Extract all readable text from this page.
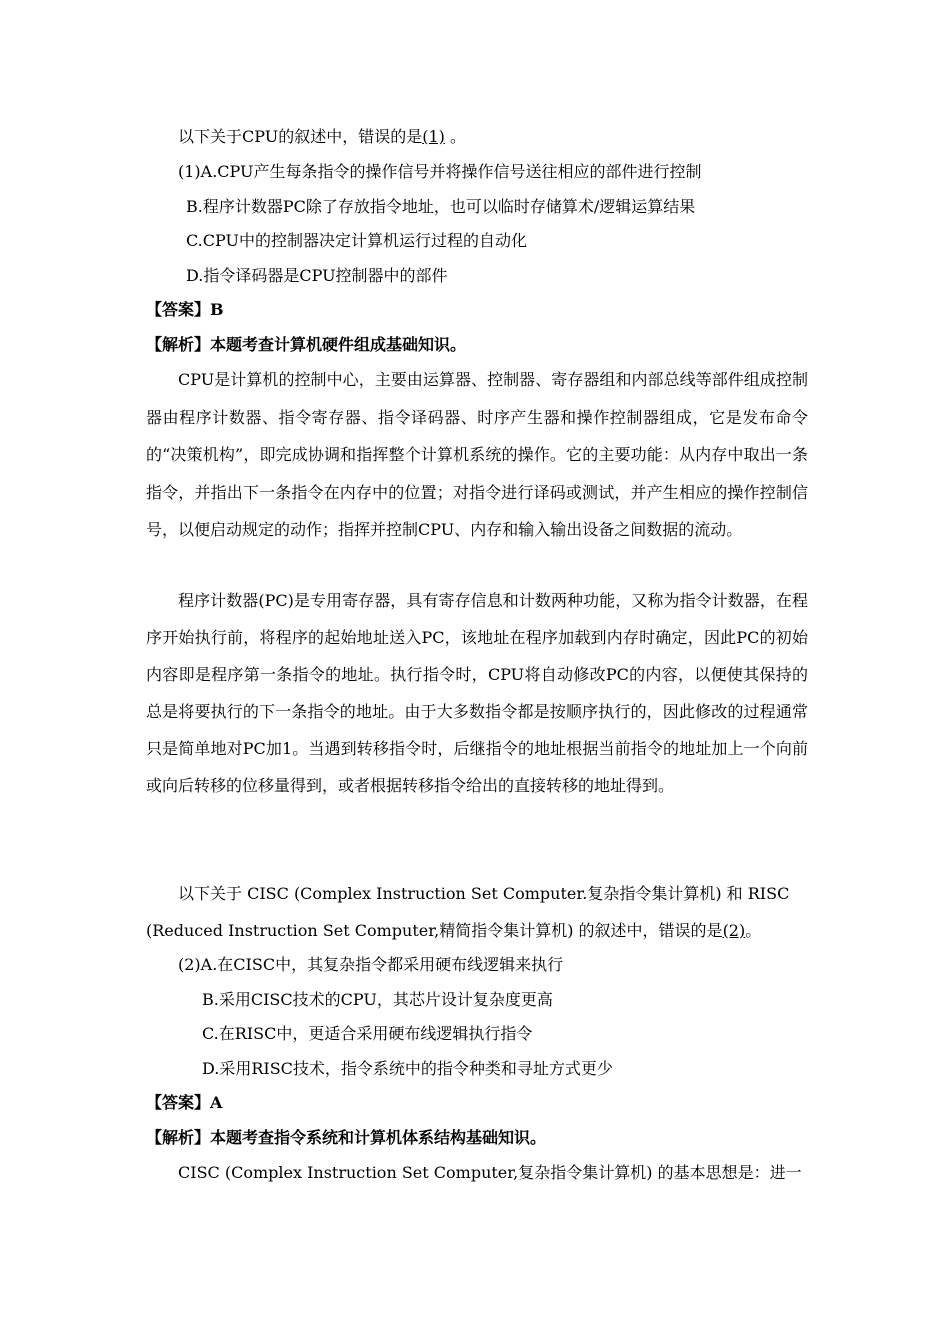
以下关于CPU的叙述中，错误的是(1) 。
(1)A.CPU产生每条指令的操作信号并将操作信号送往相应的部件进行控制
B.程序计数器PC除了存放指令地址，也可以临时存储算术/逻辑运算结果
C.CPU中的控制器决定计算机运行过程的自动化
D.指令译码器是CPU控制器中的部件
【答案】B
【解析】本题考查计算机硬件组成基础知识。
CPU是计算机的控制中心，主要由运算器、控制器、寄存器组和内部总线等部件组成控制器由程序计数器、指令寄存器、指令译码器、时序产生器和操作控制器组成，它是发布命令的“决策机构”，即完成协调和指挥整个计算机系统的操作。它的主要功能：从内存中取出一条指令，并指出下一条指令在内存中的位置；对指令进行译码或测试，并产生相应的操作控制信号，以便启动规定的动作；指挥并控制CPU、内存和输入输出设备之间数据的流动。
程序计数器(PC)是专用寄存器，具有寄存信息和计数两种功能，又称为指令计数器，在程序开始执行前，将程序的起始地址送入PC，该地址在程序加载到内存时确定，因此PC的初始内容即是程序第一条指令的地址。执行指令时，CPU将自动修改PC的内容，以便使其保持的总是将要执行的下一条指令的地址。由于大多数指令都是按顺序执行的，因此修改的过程通常只是简单地对PC加1。当遇到转移指令时，后继指令的地址根据当前指令的地址加上一个向前或向后转移的位移量得到，或者根据转移指令给出的直接转移的地址得到。
以下关于 CISC (Complex Instruction Set Computer.复杂指令集计算机) 和 RISC
(Reduced Instruction Set Computer,精简指令集计算机) 的叙述中，错误的是(2)。
(2)A.在CISC中，其复杂指令都采用硬布线逻辑来执行
B.采用CISC技术的CPU，其芯片设计复杂度更高
C.在RISC中，更适合采用硬布线逻辑执行指令
D.采用RISC技术，指令系统中的指令种类和寻址方式更少
【答案】A
【解析】本题考查指令系统和计算机体系结构基础知识。
CISC (Complex Instruction Set Computer,复杂指令集计算机) 的基本思想是：进一
